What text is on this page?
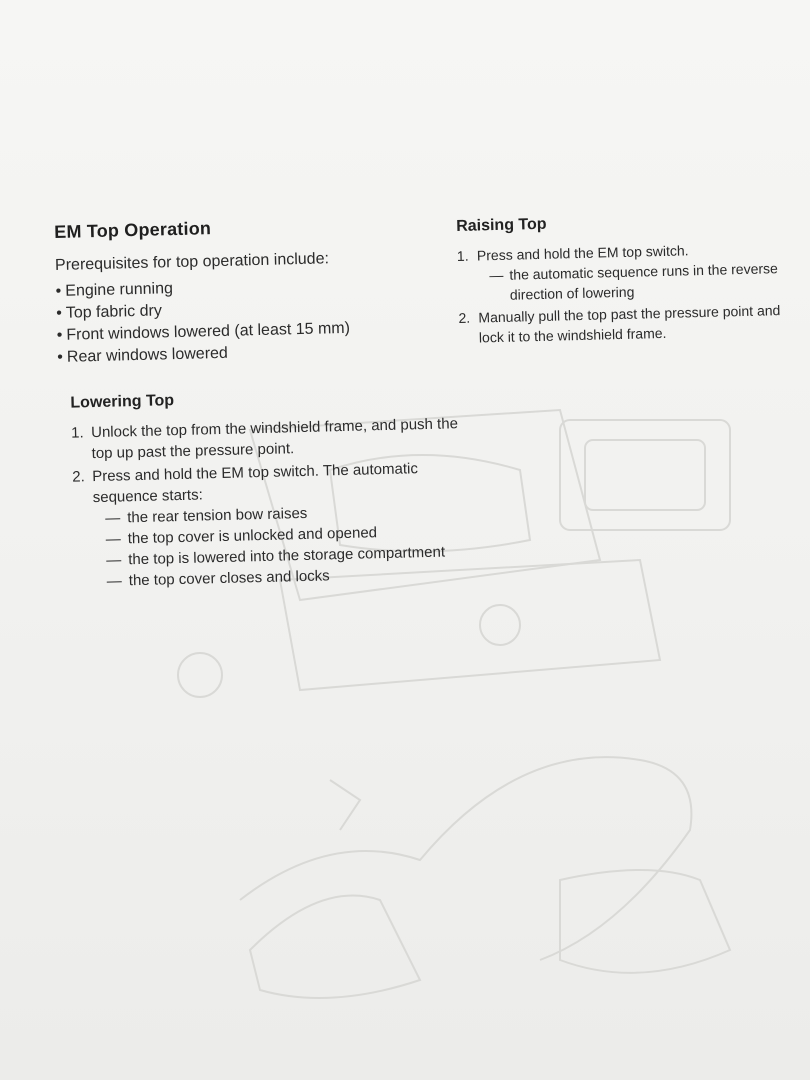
EM Top Operation

Prerequisites for top operation include:

• Engine running
• Top fabric dry
• Front windows lowered (at least 15 mm)
• Rear windows lowered
Lowering Top
1. Unlock the top from the windshield frame, and push the top up past the pressure point.
2. Press and hold the EM top switch. The automatic sequence starts:
— the rear tension bow raises
— the top cover is unlocked and opened
— the top is lowered into the storage compartment
— the top cover closes and locks
Raising Top
1. Press and hold the EM top switch.
— the automatic sequence runs in the reverse direction of lowering
2. Manually pull the top past the pressure point and lock it to the windshield frame.
